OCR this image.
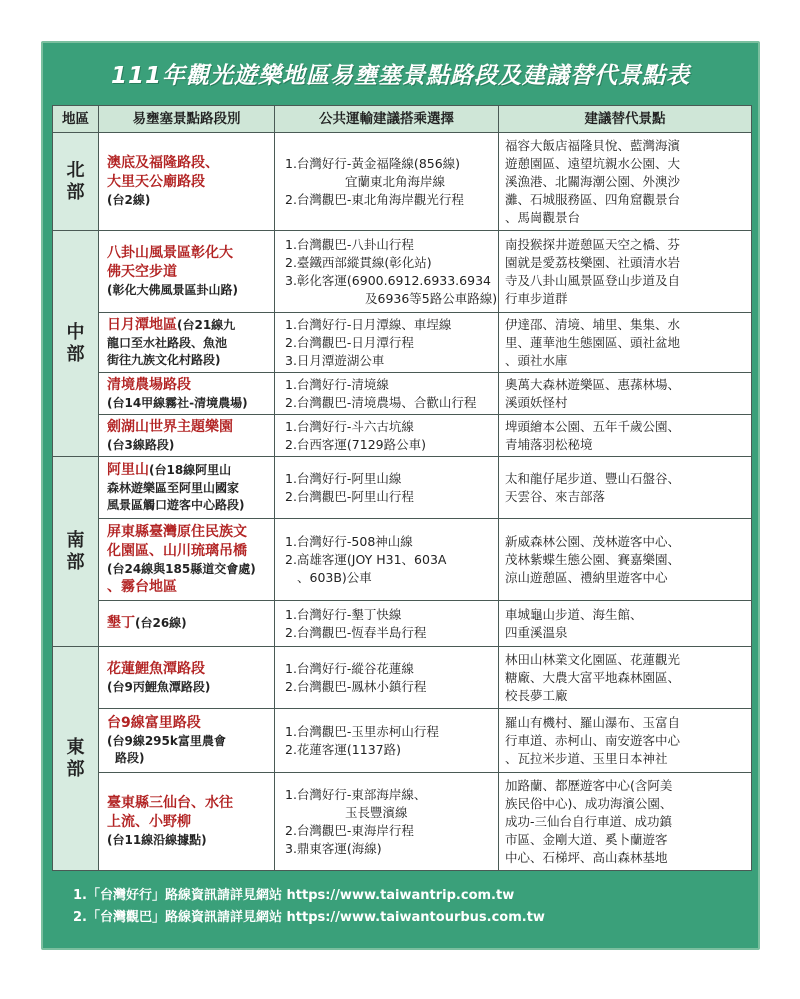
111年觀光遊樂地區易壅塞景點路段及建議替代景點表
地區	易壅塞景點路段別	公共運輸建議搭乘選擇	建議替代景點
北部	澳底及福隆路段、
大里天公廟路段
(台2線)	1.台灣好行-黃金福隆線(856線)
宜蘭東北角海岸線
2.台灣觀巴-東北角海岸觀光行程	福容大飯店福隆貝悅、藍灣海濱
遊憩園區、遠望坑親水公園、大
溪漁港、北關海潮公園、外澳沙
灘、石城服務區、四角窟觀景台
、馬崗觀景台

中部	八卦山風景區彰化大
佛天空步道
(彰化大佛風景區卦山路)	1.台灣觀巴-八卦山行程
2.臺鐵西部縱貫線(彰化站)
3.彰化客運(6900.6912.6933.6934
及6936等5路公車路線)	南投猴探井遊憩區天空之橋、芬
園就是愛荔枝樂園、社頭清水岩
寺及八卦山風景區登山步道及自
行車步道群

	日月潭地區(台21線九
龍口至水社路段、魚池
街往九族文化村路段)	1.台灣好行-日月潭線、車埕線
2.台灣觀巴-日月潭行程
3.日月潭遊湖公車	伊達邵、清境、埔里、集集、水
里、蓮華池生態園區、頭社盆地
、頭社水庫

	清境農場路段
(台14甲線霧社-清境農場)	1.台灣好行-清境線
2.台灣觀巴-清境農場、合歡山行程	奧萬大森林遊樂區、惠蓀林場、
溪頭妖怪村

	劍湖山世界主題樂園
(台3線路段)	1.台灣好行-斗六古坑線
2.台西客運(7129路公車)	埤頭繪本公園、五年千歲公園、
青埔落羽松秘境

南部	阿里山(台18線阿里山
森林遊樂區至阿里山國家
風景區觸口遊客中心路段)	1.台灣好行-阿里山線
2.台灣觀巴-阿里山行程	太和龍仔尾步道、豐山石盤谷、
天雲谷、來吉部落

	屏東縣臺灣原住民族文
化園區、山川琉璃吊橋
(台24線與185縣道交會處)
、霧台地區	1.台灣好行-508神山線
2.高雄客運(JOY H31、603A
、603B)公車	新威森林公園、茂林遊客中心、
茂林紫蝶生態公園、賽嘉樂園、
涼山遊憩區、禮納里遊客中心

	墾丁(台26線)	1.台灣好行-墾丁快線
2.台灣觀巴-恆春半島行程	車城龜山步道、海生館、
四重溪溫泉

東部	花蓮鯉魚潭路段
(台9丙鯉魚潭路段)	1.台灣好行-縱谷花蓮線
2.台灣觀巴-鳳林小鎮行程	林田山林業文化園區、花蓮觀光
糖廠、大農大富平地森林園區、
校長夢工廠

	台9線富里路段
(台9線295k富里農會
路段)	1.台灣觀巴-玉里赤柯山行程
2.花蓮客運(1137路)	羅山有機村、羅山瀑布、玉富自
行車道、赤柯山、南安遊客中心
、瓦拉米步道、玉里日本神社

	臺東縣三仙台、水往
上流、小野柳
(台11線沿線據點)	1.台灣好行-東部海岸線、
玉長豐濱線
2.台灣觀巴-東海岸行程
3.鼎東客運(海線)	加路蘭、都歷遊客中心(含阿美
族民俗中心)、成功海濱公園、
成功-三仙台自行車道、成功鎮
市區、金剛大道、奚卜蘭遊客
中心、石梯坪、高山森林基地
1.「台灣好行」路線資訊請詳見網站 https://www.taiwantrip.com.tw
2.「台灣觀巴」路線資訊請詳見網站 https://www.taiwantourbus.com.tw
